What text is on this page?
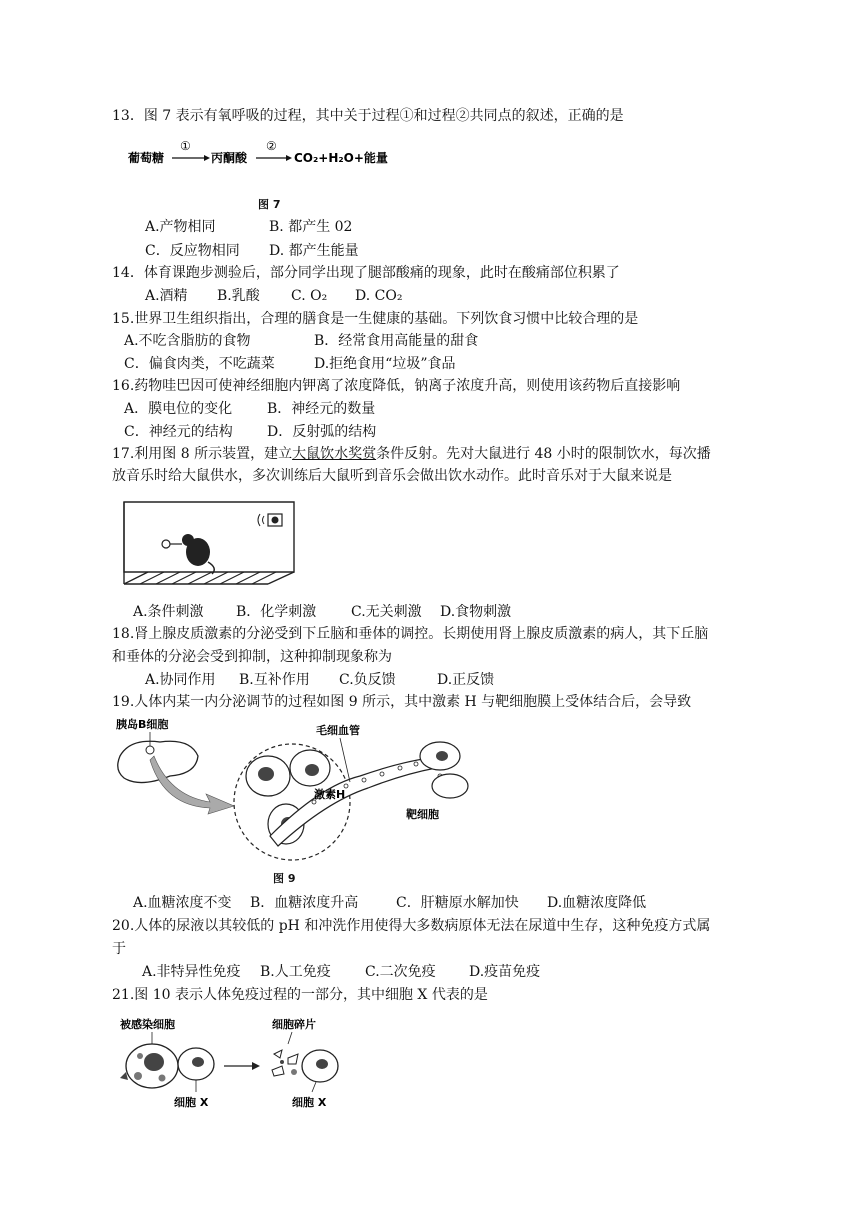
13．图 7 表示有氧呼吸的过程，其中关于过程①和过程②共同点的叙述，正确的是
葡萄糖
①
丙酮酸
②
CO₂+H₂O+能量
图 7
A.产物相同	B. 都产生 02
C．反应物相同 D. 都产生能量
14．体育课跑步测验后，部分同学出现了腿部酸痛的现象，此时在酸痛部位积累了
A.酒精 B.乳酸 C. O₂ D. CO₂
15.世界卫生组织指出，合理的膳食是一生健康的基础。下列饮食习惯中比较合理的是
A.不吃含脂肪的食物	B．经常食用高能量的甜食
C．偏食肉类，不吃蔬菜	D.拒绝食用“垃圾”食品
16.药物哇巴因可使神经细胞内钾离了浓度降低，钠离子浓度升高，则使用该药物后直接影响
A．膜电位的变化 B．神经元的数量
C．神经元的结构 D．反射弧的结构
17.利用图 8 所示装置，建立大鼠饮水奖赏条件反射。先对大鼠进行 48 小时的限制饮水，每次播
放音乐时给大鼠供水，多次训练后大鼠听到音乐会做出饮水动作。此时音乐对于大鼠来说是
A.条件刺激 B．化学刺激 C.无关刺激 D.食物刺激
18.肾上腺皮质激素的分泌受到下丘脑和垂体的调控。长期使用肾上腺皮质激素的病人，其下丘脑
和垂体的分泌会受到抑制，这种抑制现象称为
A.协同作用 B.互补作用 C.负反馈	D.正反馈
19.人体内某一内分泌调节的过程如图 9 所示，其中激素 H 与靶细胞膜上受体结合后，会导致
胰岛B细胞	毛细血管
激素H
靶细胞
图 9
A.血糖浓度不变 B．血糖浓度升高	C．肝糖原水解加快 D.血糖浓度降低
20.人体的尿液以其较低的 pH 和冲洗作用使得大多数病原体无法在尿道中生存，这种免疫方式属
于
A.非特异性免疫 B.人工免疫 C.二次免疫 D.疫苗免疫
21.图 10 表示人体免疫过程的一部分，其中细胞 X 代表的是
被感染细胞
细胞 X
细胞碎片
细胞 X
